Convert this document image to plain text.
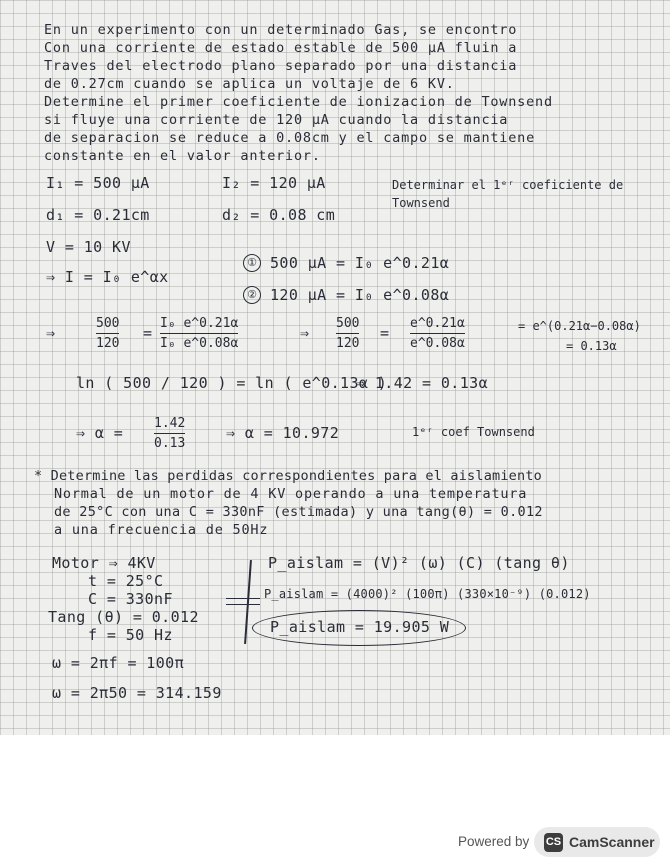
En un experimento con un determinado Gas, se encontro
Con una corriente de estado estable de 500 µA fluin a
Traves del electrodo plano separado por una distancia
de 0.27cm cuando se aplica un voltaje de 6 KV.
Determine el primer coeficiente de ionizacion de Townsend
si fluye una corriente de 120 µA cuando la distancia
de separacion se reduce a 0.08cm y el campo se mantiene
constante en el valor anterior.
I₁ = 500 µA	I₂ = 120 µA	Determinar el 1ᵉʳ coeficiente de Townsend
d₁ = 0.21cm	d₂ = 0.08 cm
V = 10 KV
⇒ I = I₀ e^αx
① 500 µA = I₀ e^0.21α
② 120 µA = I₀ e^0.08α
⇒
500
120
=
I₀ e^0.21α
I₀ e^0.08α
⇒
500
120
=
e^0.21α
e^0.08α
= e^(0.21α−0.08α)
= 0.13α
ln ( 500 / 120 ) = ln ( e^0.13α )
⇒ 1.42 = 0.13α
⇒ α =
1.42
0.13
⇒ α = 10.972	1ᵉʳ coef Townsend
* Determine las perdidas correspondientes para el aislamiento
Normal de un motor de 4 KV operando a una temperatura
de 25°C con una C = 330nF (estimada) y una tang(θ) = 0.012
a una frecuencia de 50Hz
Motor ⇒ 4KV
t = 25°C
C = 330nF
Tang (θ) = 0.012
f = 50 Hz
ω = 2πf = 100π
ω = 2π50 = 314.159
P_aislam = (V)² (ω) (C) (tang θ)
P_aislam = (4000)² (100π) (330×10⁻⁹) (0.012)
P_aislam = 19.905 W
Powered by CS CamScanner
